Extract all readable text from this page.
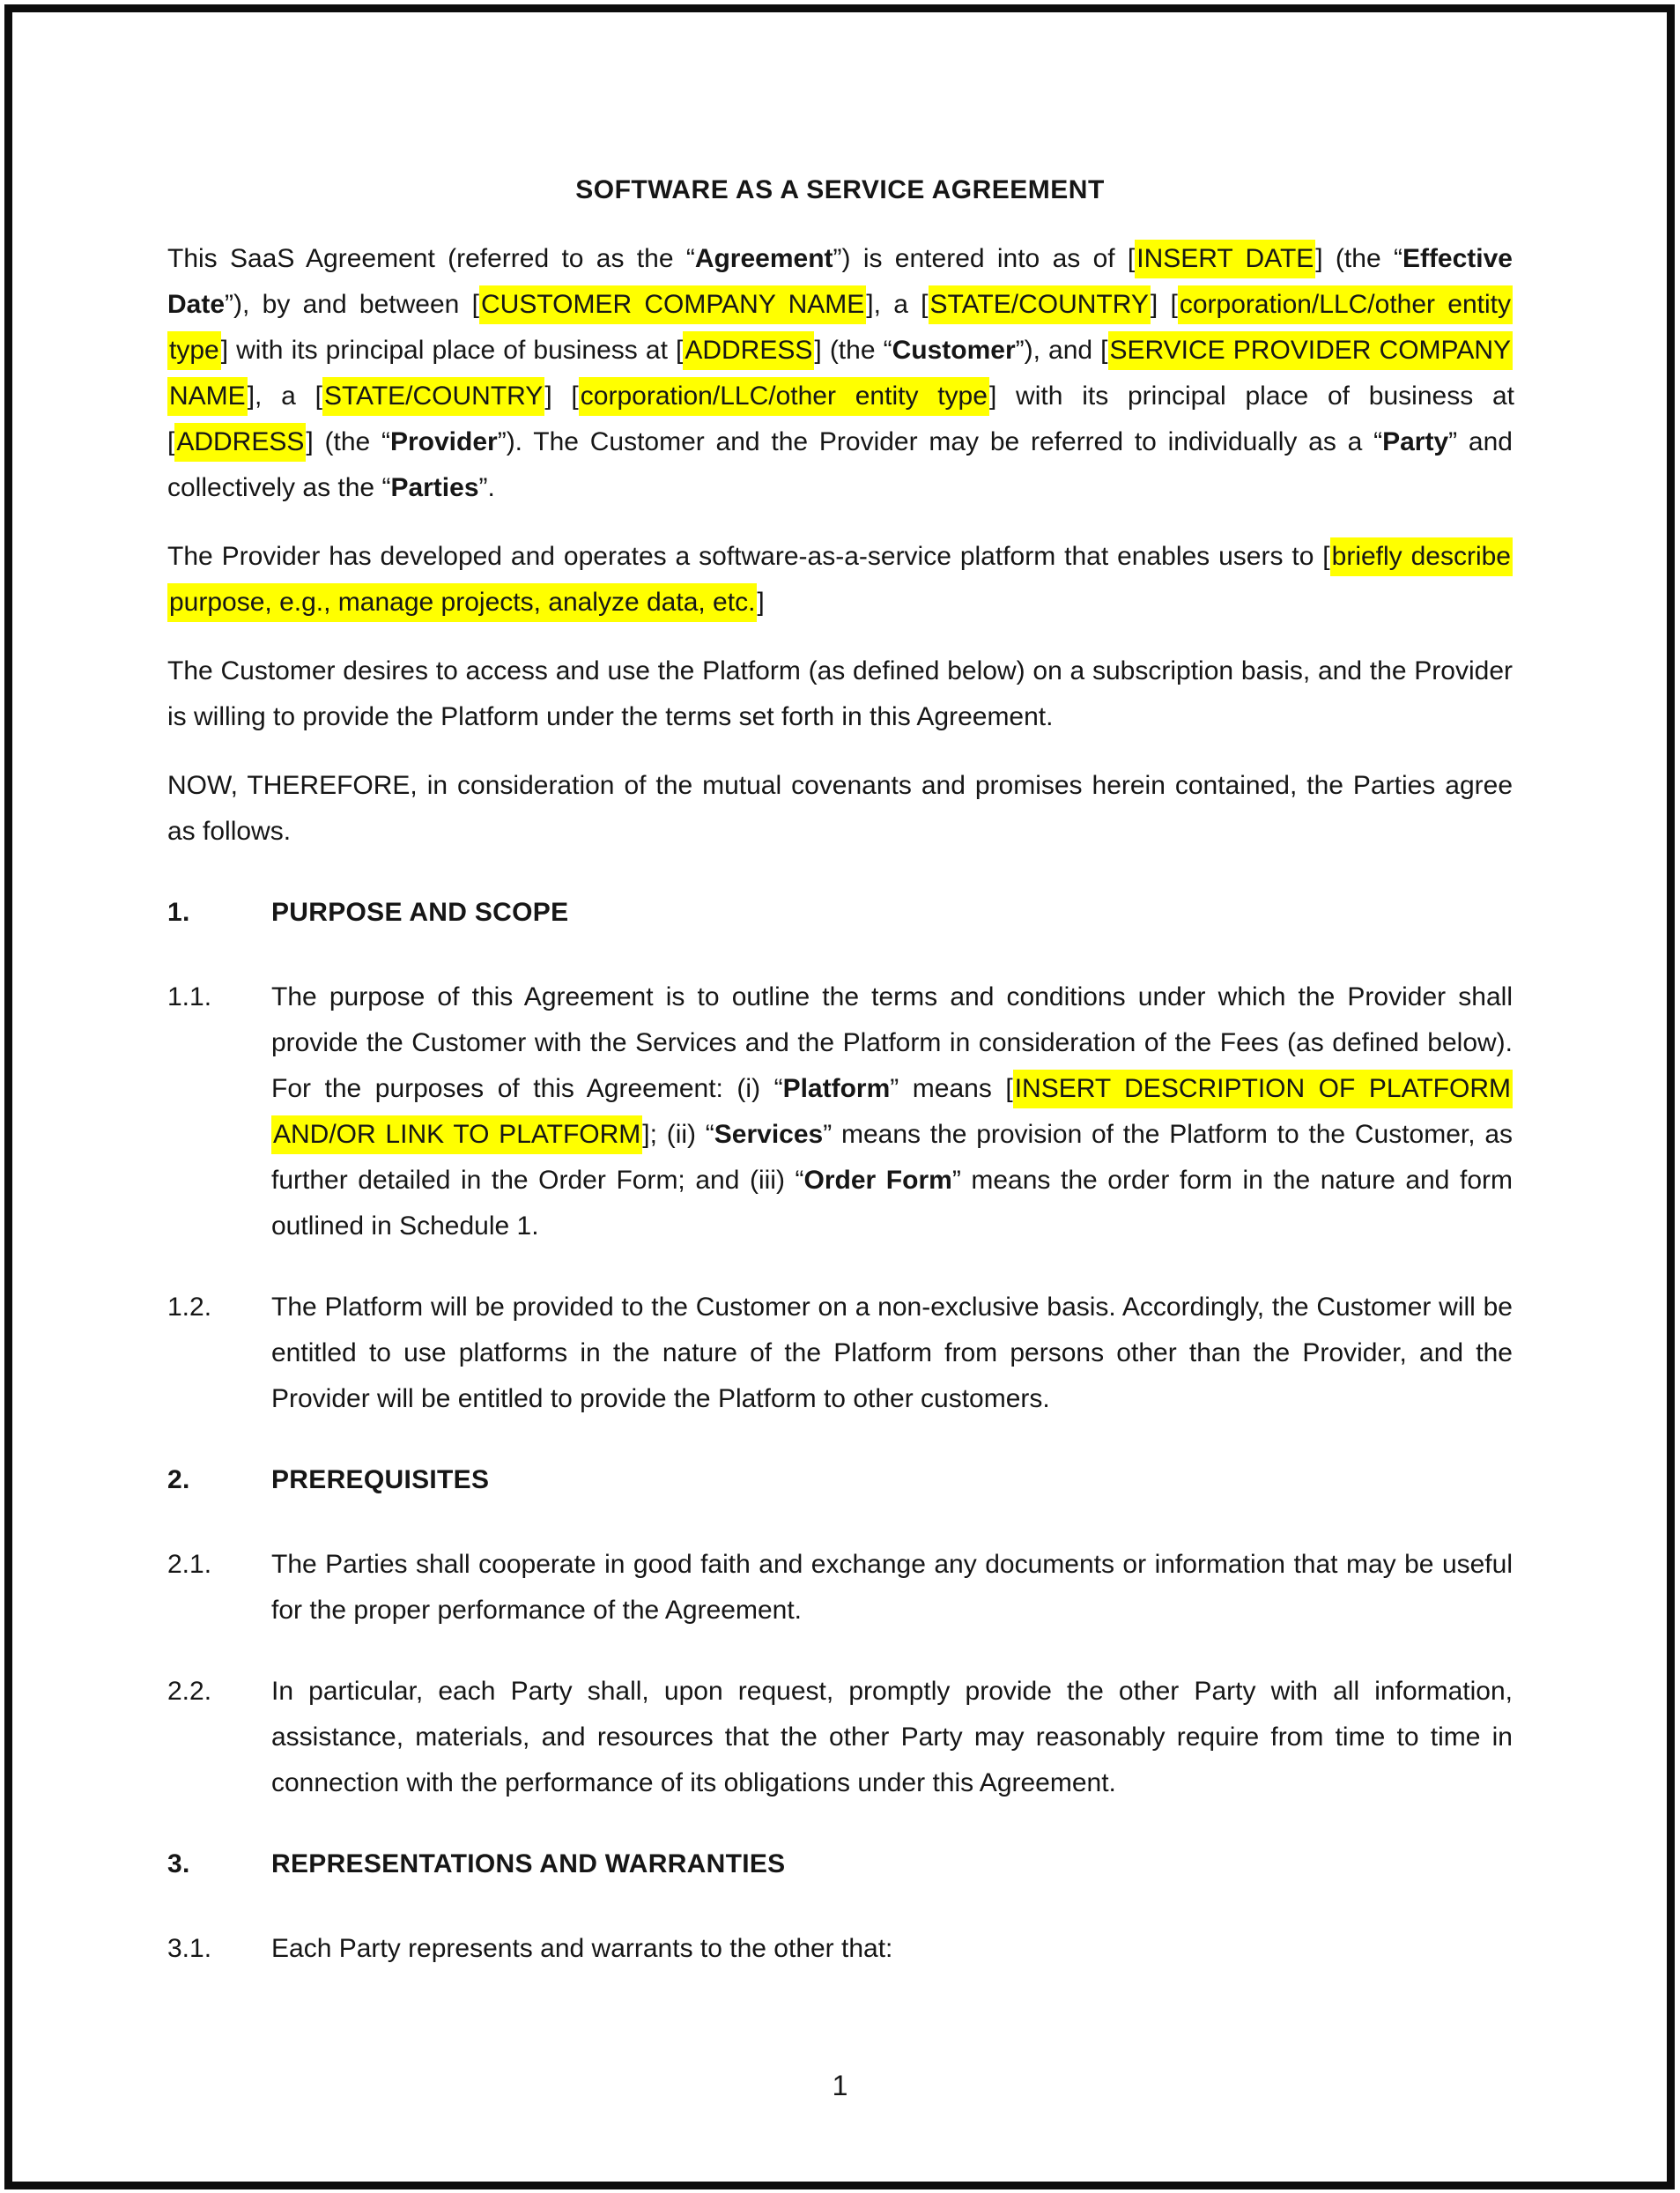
SOFTWARE AS A SERVICE AGREEMENT

This SaaS Agreement (referred to as the “Agreement”) is entered into as of [INSERT DATE] (the “Effective Date”), by and between [CUSTOMER COMPANY NAME], a [STATE/COUNTRY] [corporation/LLC/other entity type] with its principal place of business at [ADDRESS] (the “Customer”), and [SERVICE PROVIDER COMPANY NAME], a [STATE/COUNTRY] [corporation/LLC/other entity type] with its principal place of business at [ADDRESS] (the “Provider”). The Customer and the Provider may be referred to individually as a “Party” and collectively as the “Parties”.

The Provider has developed and operates a software-as-a-service platform that enables users to [briefly describe purpose, e.g., manage projects, analyze data, etc.]

The Customer desires to access and use the Platform (as defined below) on a subscription basis, and the Provider is willing to provide the Platform under the terms set forth in this Agreement.

NOW, THEREFORE, in consideration of the mutual covenants and promises herein contained, the Parties agree as follows.

1.	PURPOSE AND SCOPE
1.1. The purpose of this Agreement is to outline the terms and conditions under which the Provider shall provide the Customer with the Services and the Platform in consideration of the Fees (as defined below). For the purposes of this Agreement: (i) “Platform” means [INSERT DESCRIPTION OF PLATFORM AND/OR LINK TO PLATFORM]; (ii) “Services” means the provision of the Platform to the Customer, as further detailed in the Order Form; and (iii) “Order Form” means the order form in the nature and form outlined in Schedule 1.
1.2. The Platform will be provided to the Customer on a non-exclusive basis. Accordingly, the Customer will be entitled to use platforms in the nature of the Platform from persons other than the Provider, and the Provider will be entitled to provide the Platform to other customers.
2.	PREREQUISITES
2.1. The Parties shall cooperate in good faith and exchange any documents or information that may be useful for the proper performance of the Agreement.
2.2. In particular, each Party shall, upon request, promptly provide the other Party with all information, assistance, materials, and resources that the other Party may reasonably require from time to time in connection with the performance of its obligations under this Agreement.
3.	REPRESENTATIONS AND WARRANTIES
3.1. Each Party represents and warrants to the other that:
1
